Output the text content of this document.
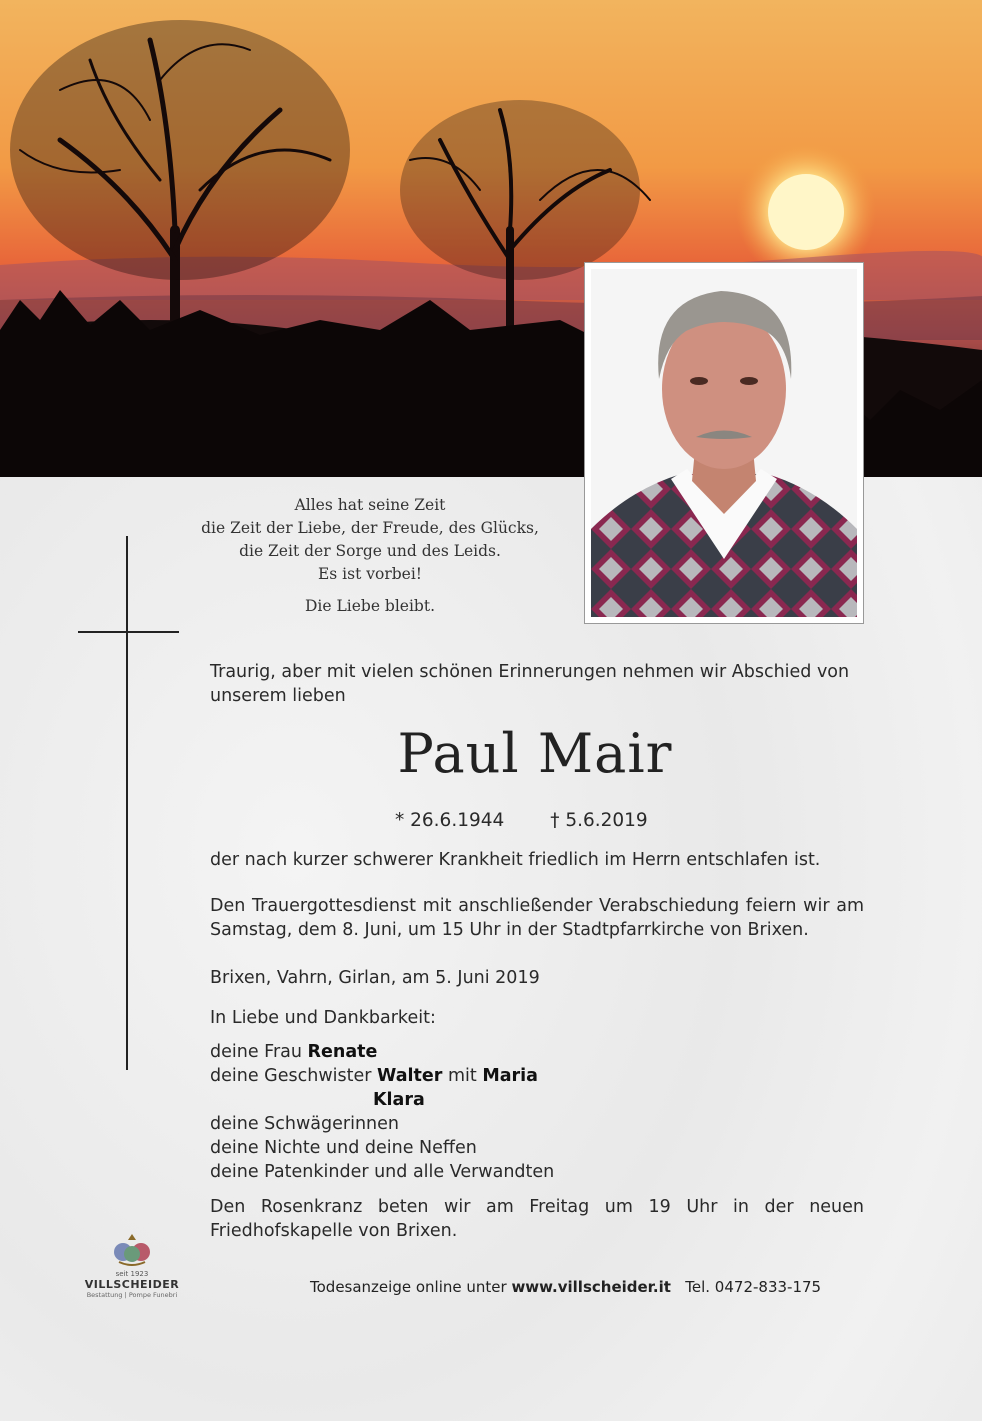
Alles hat seine Zeit
die Zeit der Liebe, der Freude, des Glücks,
die Zeit der Sorge und des Leids.
Es ist vorbei!
Die Liebe bleibt.
Traurig, aber mit vielen schönen Erinnerungen nehmen wir Abschied von unserem lieben
Paul Mair
* 26.6.1944 † 5.6.2019
der nach kurzer schwerer Krankheit friedlich im Herrn entschlafen ist.
Den Trauergottesdienst mit anschließender Verabschiedung feiern wir am Samstag, dem 8. Juni, um 15 Uhr in der Stadtpfarrkirche von Brixen.
Brixen, Vahrn, Girlan, am 5. Juni 2019
In Liebe und Dankbarkeit:
deine Frau Renate
deine Geschwister Walter mit Maria
Klara
deine Schwägerinnen
deine Nichte und deine Neffen
deine Patenkinder und alle Verwandten
Den Rosenkranz beten wir am Freitag um 19 Uhr in der neuen Friedhofskapelle von Brixen.
seit 1923
VILLSCHEIDER
Bestattung | Pompe Funebri	Todesanzeige online unter www.villscheider.it Tel. 0472-833-175
